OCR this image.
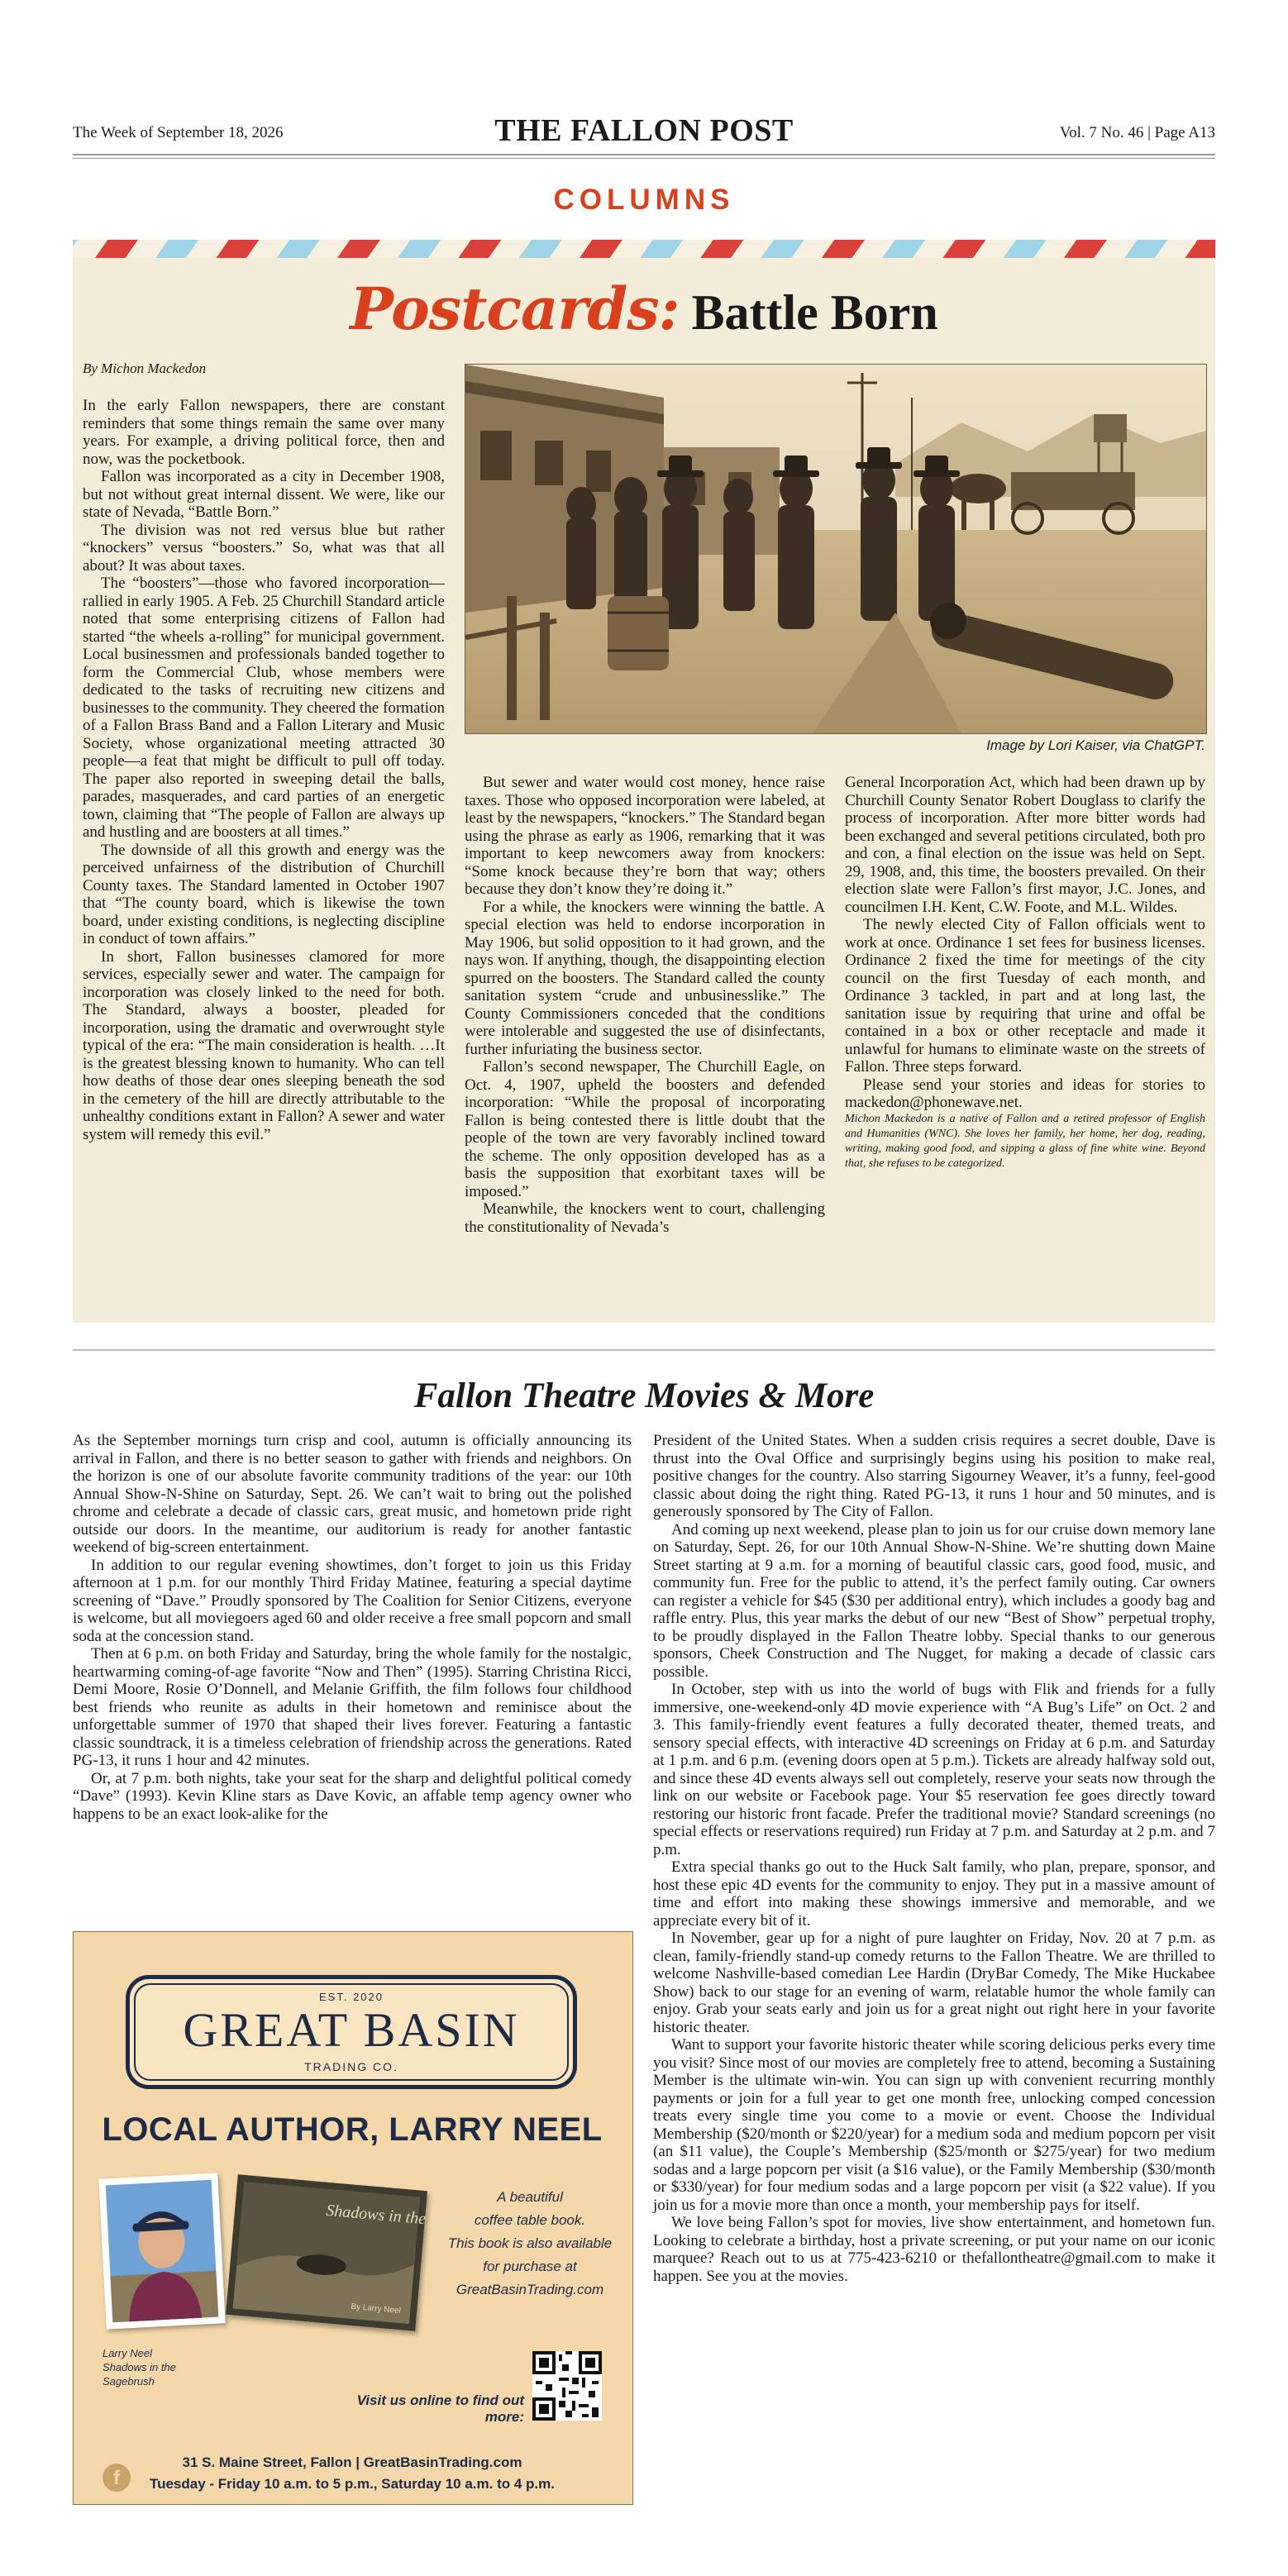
The Week of September 18, 2026	THE FALLON POST	Vol. 7 No. 46 | Page A13
COLUMNS
Postcards: Battle Born
By Michon Mackedon
Image by Lori Kaiser, via ChatGPT.

In the early Fallon newspapers, there are constant reminders that some things remain the same over many years. For example, a driving political force, then and now, was the pocketbook.

Fallon was incorporated as a city in December 1908, but not without great internal dissent. We were, like our state of Nevada, “Battle Born.”

The division was not red versus blue but rather “knockers” versus “boosters.” So, what was that all about? It was about taxes.

The “boosters”—those who favored incorporation—rallied in early 1905. A Feb. 25 Churchill Standard article noted that some enterprising citizens of Fallon had started “the wheels a-rolling” for municipal government. Local businessmen and professionals banded together to form the Commercial Club, whose members were dedicated to the tasks of recruiting new citizens and businesses to the community. They cheered the formation of a Fallon Brass Band and a Fallon Literary and Music Society, whose organizational meeting attracted 30 people—a feat that might be difficult to pull off today. The paper also reported in sweeping detail the balls, parades, masquerades, and card parties of an energetic town, claiming that “The people of Fallon are always up and hustling and are boosters at all times.”

The downside of all this growth and energy was the perceived unfairness of the distribution of Churchill County taxes. The Standard lamented in October 1907 that “The county board, which is likewise the town board, under existing conditions, is neglecting discipline in conduct of town affairs.”

In short, Fallon businesses clamored for more services, especially sewer and water. The campaign for incorporation was closely linked to the need for both. The Standard, always a booster, pleaded for incorporation, using the dramatic and overwrought style typical of the era: “The main consideration is health. …It is the greatest blessing known to humanity. Who can tell how deaths of those dear ones sleeping beneath the sod in the cemetery of the hill are directly attributable to the unhealthy conditions extant in Fallon? A sewer and water system will remedy this evil.”

But sewer and water would cost money, hence raise taxes. Those who opposed incorporation were labeled, at least by the newspapers, “knockers.” The Standard began using the phrase as early as 1906, remarking that it was important to keep newcomers away from knockers: “Some knock because they’re born that way; others because they don’t know they’re doing it.”

For a while, the knockers were winning the battle. A special election was held to endorse incorporation in May 1906, but solid opposition to it had grown, and the nays won. If anything, though, the disappointing election spurred on the boosters. The Standard called the county sanitation system “crude and unbusinesslike.” The County Commissioners conceded that the conditions were intolerable and suggested the use of disinfectants, further infuriating the business sector.

Fallon’s second newspaper, The Churchill Eagle, on Oct. 4, 1907, upheld the boosters and defended incorporation: “While the proposal of incorporating Fallon is being contested there is little doubt that the people of the town are very favorably inclined toward the scheme. The only opposition developed has as a basis the supposition that exorbitant taxes will be imposed.”

Meanwhile, the knockers went to court, challenging the constitutionality of Nevada’s

General Incorporation Act, which had been drawn up by Churchill County Senator Robert Douglass to clarify the process of incorporation. After more bitter words had been exchanged and several petitions circulated, both pro and con, a final election on the issue was held on Sept. 29, 1908, and, this time, the boosters prevailed. On their election slate were Fallon’s first mayor, J.C. Jones, and councilmen I.H. Kent, C.W. Foote, and M.L. Wildes.

The newly elected City of Fallon officials went to work at once. Ordinance 1 set fees for business licenses. Ordinance 2 fixed the time for meetings of the city council on the first Tuesday of each month, and Ordinance 3 tackled, in part and at long last, the sanitation issue by requiring that urine and offal be contained in a box or other receptacle and made it unlawful for humans to eliminate waste on the streets of Fallon. Three steps forward.

Please send your stories and ideas for stories to mackedon@phonewave.net.

Michon Mackedon is a native of Fallon and a retired professor of English and Humanities (WNC). She loves her family, her home, her dog, reading, writing, making good food, and sipping a glass of fine white wine. Beyond that, she refuses to be categorized.

Fallon Theatre Movies & More

As the September mornings turn crisp and cool, autumn is officially announcing its arrival in Fallon, and there is no better season to gather with friends and neighbors. On the horizon is one of our absolute favorite community traditions of the year: our 10th Annual Show-N-Shine on Saturday, Sept. 26. We can’t wait to bring out the polished chrome and celebrate a decade of classic cars, great music, and hometown pride right outside our doors. In the meantime, our auditorium is ready for another fantastic weekend of big-screen entertainment.

In addition to our regular evening showtimes, don’t forget to join us this Friday afternoon at 1 p.m. for our monthly Third Friday Matinee, featuring a special daytime screening of “Dave.” Proudly sponsored by The Coalition for Senior Citizens, everyone is welcome, but all moviegoers aged 60 and older receive a free small popcorn and small soda at the concession stand.

Then at 6 p.m. on both Friday and Saturday, bring the whole family for the nostalgic, heartwarming coming-of-age favorite “Now and Then” (1995). Starring Christina Ricci, Demi Moore, Rosie O’Donnell, and Melanie Griffith, the film follows four childhood best friends who reunite as adults in their hometown and reminisce about the unforgettable summer of 1970 that shaped their lives forever. Featuring a fantastic classic soundtrack, it is a timeless celebration of friendship across the generations. Rated PG-13, it runs 1 hour and 42 minutes.

Or, at 7 p.m. both nights, take your seat for the sharp and delightful political comedy “Dave” (1993). Kevin Kline stars as Dave Kovic, an affable temp agency owner who happens to be an exact look-alike for the

President of the United States. When a sudden crisis requires a secret double, Dave is thrust into the Oval Office and surprisingly begins using his position to make real, positive changes for the country. Also starring Sigourney Weaver, it’s a funny, feel-good classic about doing the right thing. Rated PG-13, it runs 1 hour and 50 minutes, and is generously sponsored by The City of Fallon.

And coming up next weekend, please plan to join us for our cruise down memory lane on Saturday, Sept. 26, for our 10th Annual Show-N-Shine. We’re shutting down Maine Street starting at 9 a.m. for a morning of beautiful classic cars, good food, music, and community fun. Free for the public to attend, it’s the perfect family outing. Car owners can register a vehicle for $45 ($30 per additional entry), which includes a goody bag and raffle entry. Plus, this year marks the debut of our new “Best of Show” perpetual trophy, to be proudly displayed in the Fallon Theatre lobby. Special thanks to our generous sponsors, Cheek Construction and The Nugget, for making a decade of classic cars possible.

In October, step with us into the world of bugs with Flik and friends for a fully immersive, one-weekend-only 4D movie experience with “A Bug’s Life” on Oct. 2 and 3. This family-friendly event features a fully decorated theater, themed treats, and sensory special effects, with interactive 4D screenings on Friday at 6 p.m. and Saturday at 1 p.m. and 6 p.m. (evening doors open at 5 p.m.). Tickets are already halfway sold out, and since these 4D events always sell out completely, reserve your seats now through the link on our website or Facebook page. Your $5 reservation fee goes directly toward restoring our historic front facade. Prefer the traditional movie? Standard screenings (no special effects or reservations required) run Friday at 7 p.m. and Saturday at 2 p.m. and 7 p.m.

Extra special thanks go out to the Huck Salt family, who plan, prepare, sponsor, and host these epic 4D events for the community to enjoy. They put in a massive amount of time and effort into making these showings immersive and memorable, and we appreciate every bit of it.

In November, gear up for a night of pure laughter on Friday, Nov. 20 at 7 p.m. as clean, family-friendly stand-up comedy returns to the Fallon Theatre. We are thrilled to welcome Nashville-based comedian Lee Hardin (DryBar Comedy, The Mike Huckabee Show) back to our stage for an evening of warm, relatable humor the whole family can enjoy. Grab your seats early and join us for a great night out right here in your favorite historic theater.

Want to support your favorite historic theater while scoring delicious perks every time you visit? Since most of our movies are completely free to attend, becoming a Sustaining Member is the ultimate win-win. You can sign up with convenient recurring monthly payments or join for a full year to get one month free, unlocking comped concession treats every single time you come to a movie or event. Choose the Individual Membership ($20/month or $220/year) for a medium soda and medium popcorn per visit (an $11 value), the Couple’s Membership ($25/month or $275/year) for two medium sodas and a large popcorn per visit (a $16 value), or the Family Membership ($30/month or $330/year) for four medium sodas and a large popcorn per visit (a $22 value). If you join us for a movie more than once a month, your membership pays for itself.

We love being Fallon’s spot for movies, live show entertainment, and hometown fun. Looking to celebrate a birthday, host a private screening, or put your name on our iconic marquee? Reach out to us at 775-423-6210 or thefallontheatre@gmail.com to make it happen. See you at the movies.

EST. 2020
GREAT BASIN
TRADING CO.
LOCAL AUTHOR, LARRY NEEL
Shadows in the Sagebrush
By Larry Neel
Larry Neel
Shadows in the
Sagebrush
A beautiful
coffee table book.
This book is also available
for purchase at
GreatBasinTrading.com
Visit us online to find out more:
f
31 S. Maine Street, Fallon | GreatBasinTrading.com
Tuesday - Friday 10 a.m. to 5 p.m., Saturday 10 a.m. to 4 p.m.
